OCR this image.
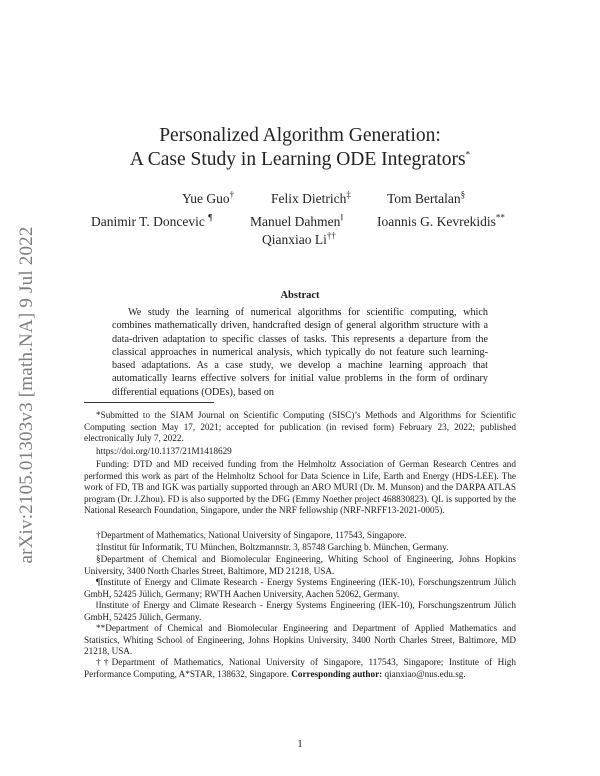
arXiv:2105.01303v3 [math.NA] 9 Jul 2022
Personalized Algorithm Generation:
A Case Study in Learning ODE Integrators*
Yue Guo†	Felix Dietrich‡	Tom Bertalan§
Danimir T. Doncevic ¶	Manuel Dahmen‖	Ioannis G. Kevrekidis**
Qianxiao Li††
Abstract
We study the learning of numerical algorithms for scientific computing, which combines mathematically driven, handcrafted design of general algorithm structure with a data-driven adaptation to specific classes of tasks. This represents a departure from the classical approaches in numerical analysis, which typically do not feature such learning-based adaptations. As a case study, we develop a machine learning approach that automatically learns effective solvers for initial value problems in the form of ordinary differential equations (ODEs), based on
*Submitted to the SIAM Journal on Scientific Computing (SISC)’s Methods and Algorithms for Scientific Computing section May 17, 2021; accepted for publication (in revised form) February 23, 2022; published electronically July 7, 2022.
https://doi.org/10.1137/21M1418629
Funding: DTD and MD received funding from the Helmholtz Association of German Research Centres and performed this work as part of the Helmholtz School for Data Science in Life, Earth and Energy (HDS-LEE). The work of FD, TB and IGK was partially supported through an ARO MURI (Dr. M. Munson) and the DARPA ATLAS program (Dr. J.Zhou). FD is also supported by the DFG (Emmy Noether project 468830823). QL is supported by the National Research Foundation, Singapore, under the NRF fellowship (NRF-NRFF13-2021-0005).
†Department of Mathematics, National University of Singapore, 117543, Singapore.
‡Institut für Informatik, TU München, Boltzmannstr. 3, 85748 Garching b. München, Germany.
§Department of Chemical and Biomolecular Engineering, Whiting School of Engineering, Johns Hopkins University, 3400 North Charles Street, Baltimore, MD 21218, USA.
¶Institute of Energy and Climate Research - Energy Systems Engineering (IEK-10), Forschungszentrum Jülich GmbH, 52425 Jülich, Germany; RWTH Aachen University, Aachen 52062, Germany.
‖Institute of Energy and Climate Research - Energy Systems Engineering (IEK-10), Forschungszentrum Jülich GmbH, 52425 Jülich, Germany.
**Department of Chemical and Biomolecular Engineering and Department of Applied Mathematics and Statistics, Whiting School of Engineering, Johns Hopkins University, 3400 North Charles Street, Baltimore, MD 21218, USA.
††Department of Mathematics, National University of Singapore, 117543, Singapore; Institute of High Performance Computing, A*STAR, 138632, Singapore. Corresponding author: qianxiao@nus.edu.sg.
1
